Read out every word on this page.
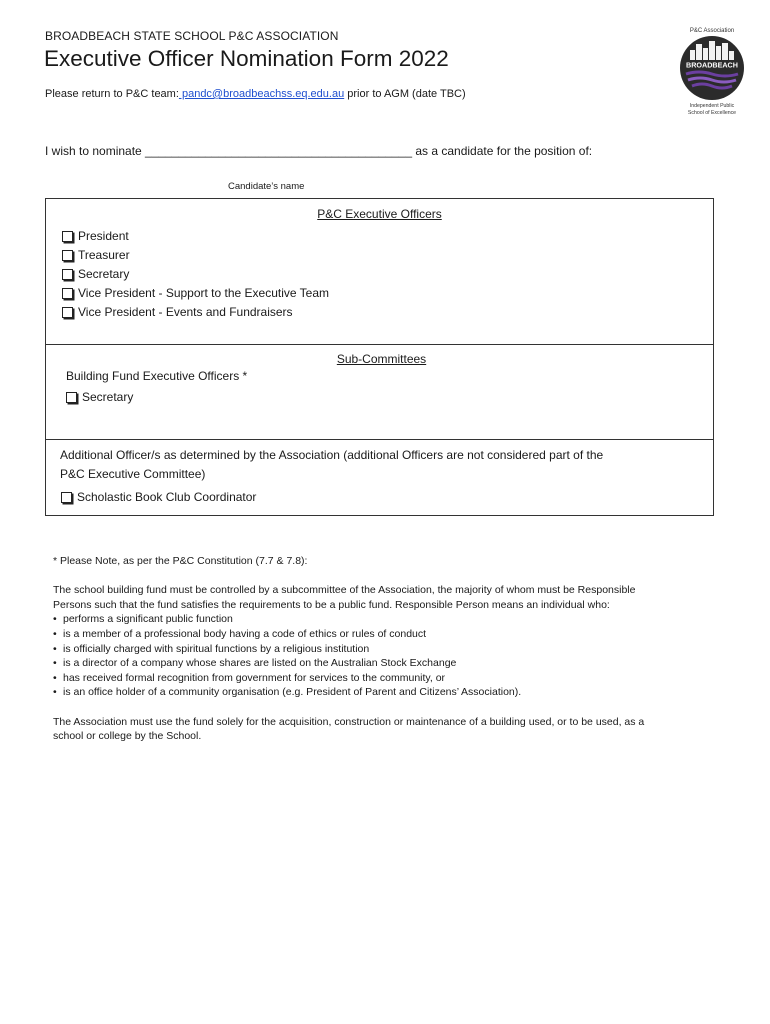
BROADBEACH STATE SCHOOL P&C ASSOCIATION
Executive Officer Nomination Form 2022
Please return to P&C team: pandc@broadbeachss.eq.edu.au prior to AGM (date TBC)
P&C Association
BROADBEACH
Independent Public
School of Excellence
I wish to nominate ________________________________________ as a candidate for the position of:
Candidate’s name
P&C Executive Officers
President
Treasurer
Secretary
Vice President - Support to the Executive Team
Vice President - Events and Fundraisers
Sub-Committees
Building Fund Executive Officers *
Secretary
Additional Officer/s as determined by the Association (additional Officers are not considered part of the
P&C Executive Committee)
Scholastic Book Club Coordinator

* Please Note, as per the P&C Constitution (7.7 & 7.8):

The school building fund must be controlled by a subcommittee of the Association, the majority of whom must be Responsible Persons such that the fund satisfies the requirements to be a public fund. Responsible Person means an individual who:

• performs a significant public function
• is a member of a professional body having a code of ethics or rules of conduct
• is officially charged with spiritual functions by a religious institution
• is a director of a company whose shares are listed on the Australian Stock Exchange
• has received formal recognition from government for services to the community, or
• is an office holder of a community organisation (e.g. President of Parent and Citizens’ Association).

The Association must use the fund solely for the acquisition, construction or maintenance of a building used, or to be used, as a school or college by the School.
